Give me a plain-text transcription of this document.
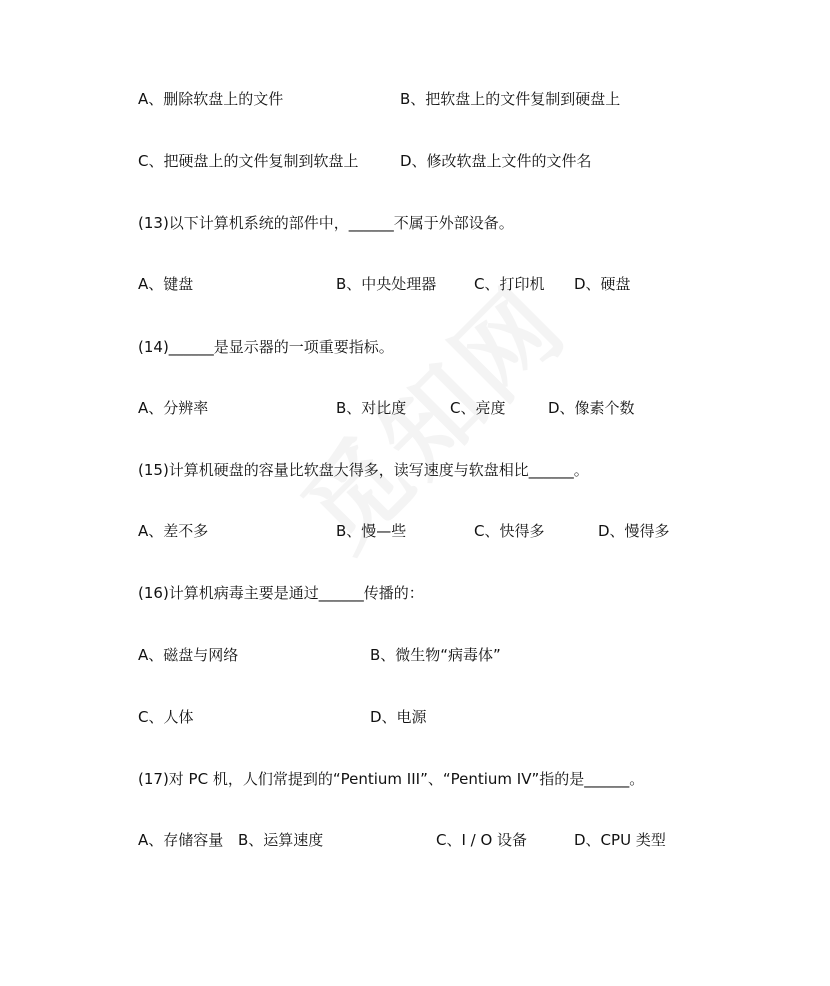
A、删除软盘上的文件	B、把软盘上的文件复制到硬盘上
C、把硬盘上的文件复制到软盘上	D、修改软盘上文件的文件名
(13)以下计算机系统的部件中，______不属于外部设备。
A、键盘	B、中央处理器	C、打印机 D、硬盘
(14)______是显示器的一项重要指标。
A、分辨率	B、对比度	C、亮度	D、像素个数
(15)计算机硬盘的容量比软盘大得多，读写速度与软盘相比______。
A、差不多	B、慢—些	C、快得多	D、慢得多
(16)计算机病毒主要是通过______传播的：
A、磁盘与网络	B、微生物“病毒体”
C、人体	D、电源
(17)对 PC 机，人们常提到的“Pentium III”、“Pentium IV”指的是______。
A、存储容量 B、运算速度	C、I / O 设备	D、CPU 类型
